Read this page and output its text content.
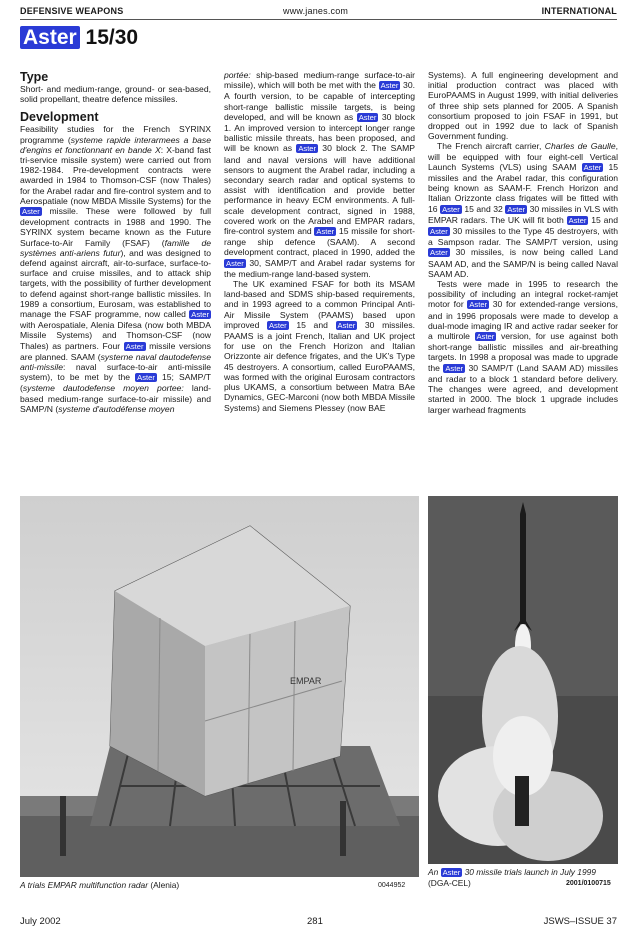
DEFENSIVE WEAPONS	www.janes.com	INTERNATIONAL
Aster 15/30
Type

Short- and medium-range, ground- or sea-based, solid propellant, theatre defence missiles.

Development

Feasibility studies for the French SYRINX programme (systeme rapide interarmees a base d'engins et fonctionnant en bande X: X-band fast tri-service missile system) were carried out from 1982-1984. Pre-development contracts were awarded in 1984 to Thomson-CSF (now Thales) for the Arabel radar and fire-control system and to Aerospatiale (now MBDA Missile Systems) for the Aster missile. These were followed by full development contracts in 1988 and 1990. The SYRINX system became known as the Future Surface-to-Air Family (FSAF) (famille de systèmes anti-ariens futur), and was designed to defend against aircraft, air-to-surface, surface-to-surface and cruise missiles, and to attack ship targets, with the possibility of further development to defend against short-range ballistic missiles. In 1989 a consortium, Eurosam, was established to manage the FSAF programme, now called Aster with Aerospatiale, Alenia Difesa (now both MBDA Missile Systems) and Thomson-CSF (now Thales) as partners. Four Aster missile versions are planned. SAAM (systerne naval dautodefense anti-missile: naval surface-to-air anti-missile system), to be met by the Aster 15; SAMP/T (systeme dautodefense moyen portee: land-based medium-range surface-to-air missile) and SAMP/N (systeme d'autodéfense moyen

portée: ship-based medium-range surface-to-air missile), which will both be met with the Aster 30. A fourth version, to be capable of intercepting short-range ballistic missile targets, is being developed, and will be known as Aster 30 block 1. An improved version to intercept longer range ballistic missile threats, has been proposed, and will be known as Aster 30 block 2. The SAMP land and naval versions will have additional sensors to augment the Arabel radar, including a secondary search radar and optical systems to assist with identification and provide better performance in heavy ECM environments. A full-scale development contract, signed in 1988, covered work on the Arabel and EMPAR radars, fire-control system and Aster 15 missile for short-range ship defence (SAAM). A second development contract, placed in 1990, added the Aster 30, SAMP/T and Arabel radar systems for the medium-range land-based system.

The UK examined FSAF for both its MSAM land-based and SDMS ship-based requirements, and in 1993 agreed to a common Principal Anti-Air Missile System (PAAMS) based upon improved Aster 15 and Aster 30 missiles. PAAMS is a joint French, Italian and UK project for use on the French Horizon and Italian Orizzonte air defence frigates, and the UK's Type 45 destroyers. A consortium, called EuroPAAMS, was formed with the original Eurosam contractors plus UKAMS, a consortium between Matra BAe Dynamics, GEC-Marconi (now both MBDA Missile Systems) and Siemens Plessey (now BAE

Systems). A full engineering development and initial production contract was placed with EuroPAAMS in August 1999, with initial deliveries of three ship sets planned for 2005. A Spanish consortium proposed to join FSAF in 1991, but dropped out in 1992 due to lack of Spanish Government funding.

The French aircraft carrier, Charles de Gaulle, will be equipped with four eight-cell Vertical Launch Systems (VLS) using SAAM Aster 15 missiles and the Arabel radar, this configuration being known as SAAM-F. French Horizon and Italian Orizzonte class frigates will be fitted with 16 Aster 15 and 32 Aster 30 missiles in VLS with EMPAR radars. The UK will fit both Aster 15 and Aster 30 missiles to the Type 45 destroyers, with a Sampson radar. The SAMP/T version, using Aster 30 missiles, is now being called Land SAAM AD, and the SAMP/N is being called Naval SAAM AD.

Tests were made in 1995 to research the possibility of including an integral rocket-ramjet motor for Aster 30 for extended-range versions, and in 1996 proposals were made to develop a dual-mode imaging IR and active radar seeker for a multirole Aster version, for use against both short-range ballistic missiles and air-breathing targets. In 1998 a proposal was made to upgrade the Aster 30 SAMP/T (Land SAAM AD) missiles and radar to a block 1 standard before delivery. The changes were agreed, and development started in 2000. The block 1 upgrade includes larger warhead fragments

EMPAR
A trials EMPAR multifunction radar (Alenia)	0044952
An Aster 30 missile trials launch in July 1999 (DGA-CEL)	2001/0100715
July 2002	281	JSWS–ISSUE 37
